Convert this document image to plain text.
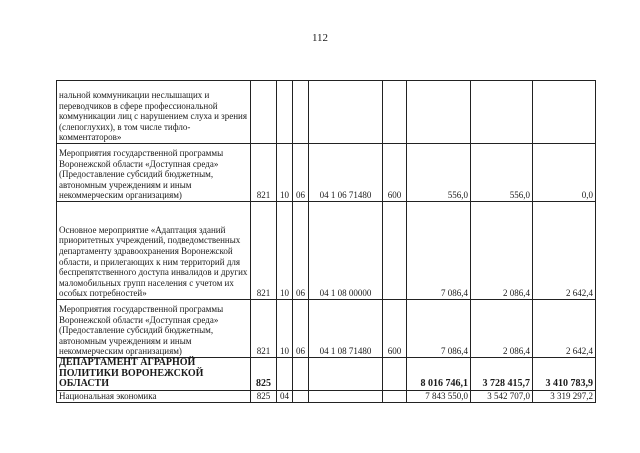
112
нальной коммуникации неслышащих и переводчиков в сфере профессиональной коммуникации лиц с нарушением слуха и зрения (слепоглухих), в том числе тифло-комментаторов»								
Мероприятия государственной программы Воронежской области «Доступная среда» (Предоставление субсидий бюджетным, автономным учреждениям и иным некоммерческим организациям)	821	10	06	04 1 06 71480	600	556,0	556,0	0,0
Основное мероприятие «Адаптация зданий приоритетных учреждений, подведомственных департаменту здравоохранения Воронежской области, и прилегающих к ним территорий для беспрепятственного доступа инвалидов и других маломобильных групп населения с учетом их особых потребностей»	821	10	06	04 1 08 00000		7 086,4	2 086,4	2 642,4
Мероприятия государственной программы Воронежской области «Доступная среда» (Предоставление субсидий бюджетным, автономным учреждениям и иным некоммерческим организациям)	821	10	06	04 1 08 71480	600	7 086,4	2 086,4	2 642,4
ДЕПАРТАМЕНТ АГРАРНОЙ ПОЛИТИКИ ВОРОНЕЖСКОЙ ОБЛАСТИ	825					8 016 746,1	3 728 415,7	3 410 783,9
Национальная экономика	825	04				7 843 550,0	3 542 707,0	3 319 297,2
